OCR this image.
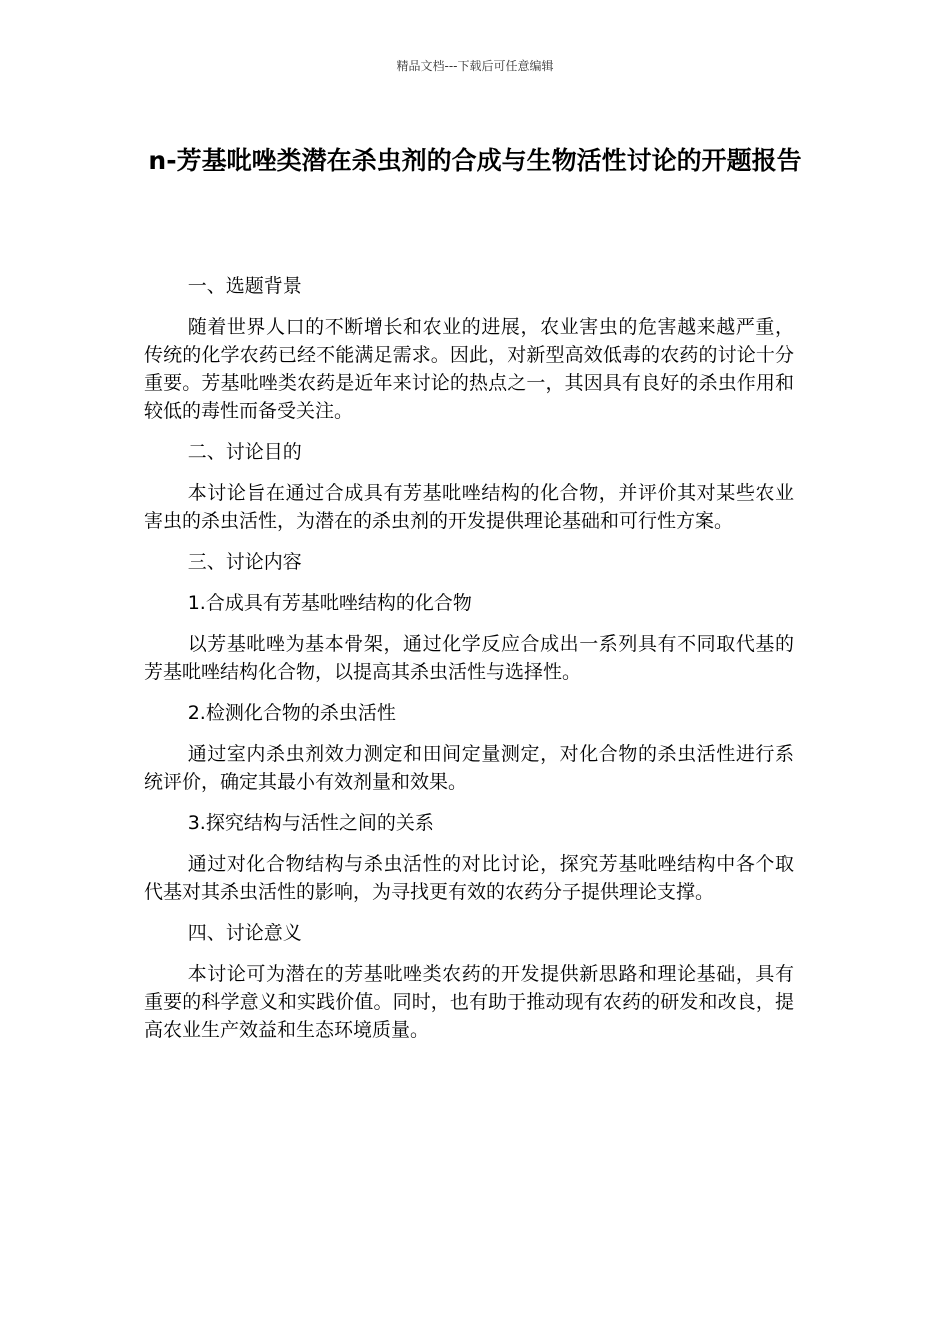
精品文档---下载后可任意编辑
n-芳基吡唑类潜在杀虫剂的合成与生物活性讨论的开题报告

一、选题背景

随着世界人口的不断增长和农业的进展，农业害虫的危害越来越严重，传统的化学农药已经不能满足需求。因此，对新型高效低毒的农药的讨论十分重要。芳基吡唑类农药是近年来讨论的热点之一，其因具有良好的杀虫作用和较低的毒性而备受关注。

二、讨论目的

本讨论旨在通过合成具有芳基吡唑结构的化合物，并评价其对某些农业害虫的杀虫活性，为潜在的杀虫剂的开发提供理论基础和可行性方案。

三、讨论内容

1.合成具有芳基吡唑结构的化合物

以芳基吡唑为基本骨架，通过化学反应合成出一系列具有不同取代基的芳基吡唑结构化合物，以提高其杀虫活性与选择性。

2.检测化合物的杀虫活性

通过室内杀虫剂效力测定和田间定量测定，对化合物的杀虫活性进行系统评价，确定其最小有效剂量和效果。

3.探究结构与活性之间的关系

通过对化合物结构与杀虫活性的对比讨论，探究芳基吡唑结构中各个取代基对其杀虫活性的影响，为寻找更有效的农药分子提供理论支撑。

四、讨论意义

本讨论可为潜在的芳基吡唑类农药的开发提供新思路和理论基础，具有重要的科学意义和实践价值。同时，也有助于推动现有农药的研发和改良，提高农业生产效益和生态环境质量。
